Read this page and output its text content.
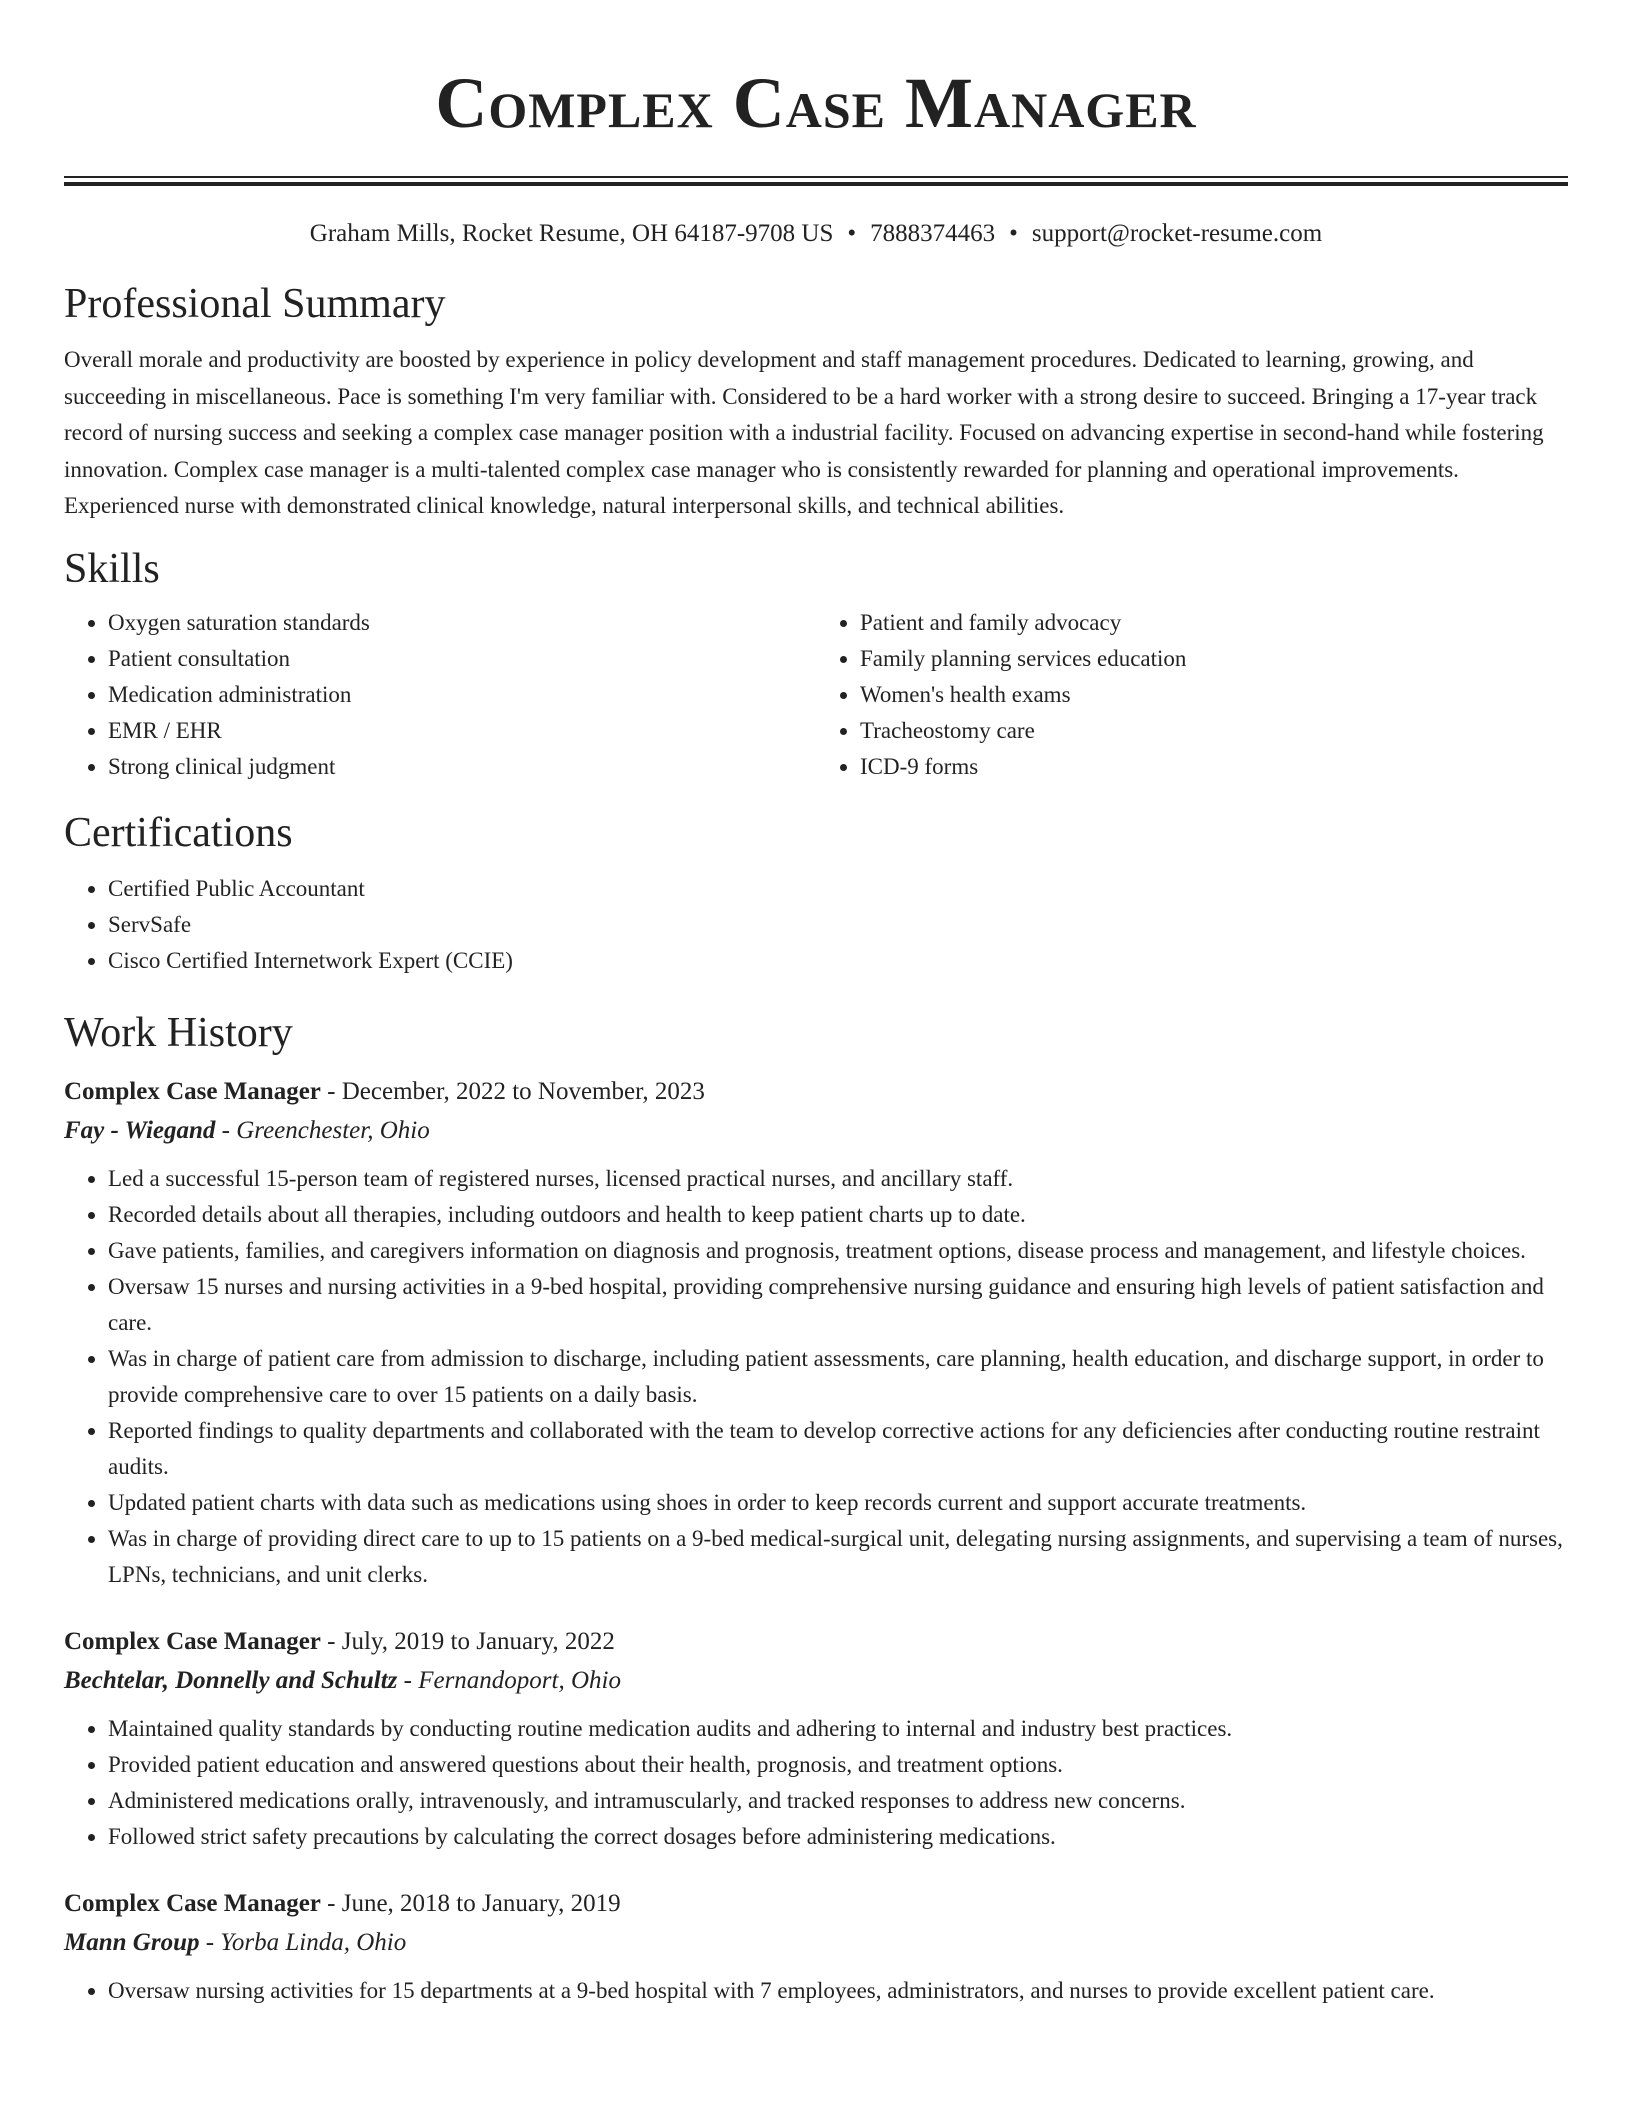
Complex Case Manager
Graham Mills, Rocket Resume, OH 64187-9708 US • 7888374463 • support@rocket-resume.com
Professional Summary

Overall morale and productivity are boosted by experience in policy development and staff management procedures. Dedicated to learning, growing, and succeeding in miscellaneous. Pace is something I'm very familiar with. Considered to be a hard worker with a strong desire to succeed. Bringing a 17-year track record of nursing success and seeking a complex case manager position with a industrial facility. Focused on advancing expertise in second-hand while fostering innovation. Complex case manager is a multi-talented complex case manager who is consistently rewarded for planning and operational improvements. Experienced nurse with demonstrated clinical knowledge, natural interpersonal skills, and technical abilities.

Skills
• Oxygen saturation standards
• Patient consultation
• Medication administration
• EMR / EHR
• Strong clinical judgment
• Patient and family advocacy
• Family planning services education
• Women's health exams
• Tracheostomy care
• ICD-9 forms
Certifications
• Certified Public Accountant
• ServSafe
• Cisco Certified Internetwork Expert (CCIE)
Work History
Complex Case Manager - December, 2022 to November, 2023
Fay - Wiegand - Greenchester, Ohio
• Led a successful 15-person team of registered nurses, licensed practical nurses, and ancillary staff.
• Recorded details about all therapies, including outdoors and health to keep patient charts up to date.
• Gave patients, families, and caregivers information on diagnosis and prognosis, treatment options, disease process and management, and lifestyle choices.
• Oversaw 15 nurses and nursing activities in a 9-bed hospital, providing comprehensive nursing guidance and ensuring high levels of patient satisfaction and care.
• Was in charge of patient care from admission to discharge, including patient assessments, care planning, health education, and discharge support, in order to provide comprehensive care to over 15 patients on a daily basis.
• Reported findings to quality departments and collaborated with the team to develop corrective actions for any deficiencies after conducting routine restraint audits.
• Updated patient charts with data such as medications using shoes in order to keep records current and support accurate treatments.
• Was in charge of providing direct care to up to 15 patients on a 9-bed medical-surgical unit, delegating nursing assignments, and supervising a team of nurses, LPNs, technicians, and unit clerks.
Complex Case Manager - July, 2019 to January, 2022
Bechtelar, Donnelly and Schultz - Fernandoport, Ohio
• Maintained quality standards by conducting routine medication audits and adhering to internal and industry best practices.
• Provided patient education and answered questions about their health, prognosis, and treatment options.
• Administered medications orally, intravenously, and intramuscularly, and tracked responses to address new concerns.
• Followed strict safety precautions by calculating the correct dosages before administering medications.
Complex Case Manager - June, 2018 to January, 2019
Mann Group - Yorba Linda, Ohio
• Oversaw nursing activities for 15 departments at a 9-bed hospital with 7 employees, administrators, and nurses to provide excellent patient care.
